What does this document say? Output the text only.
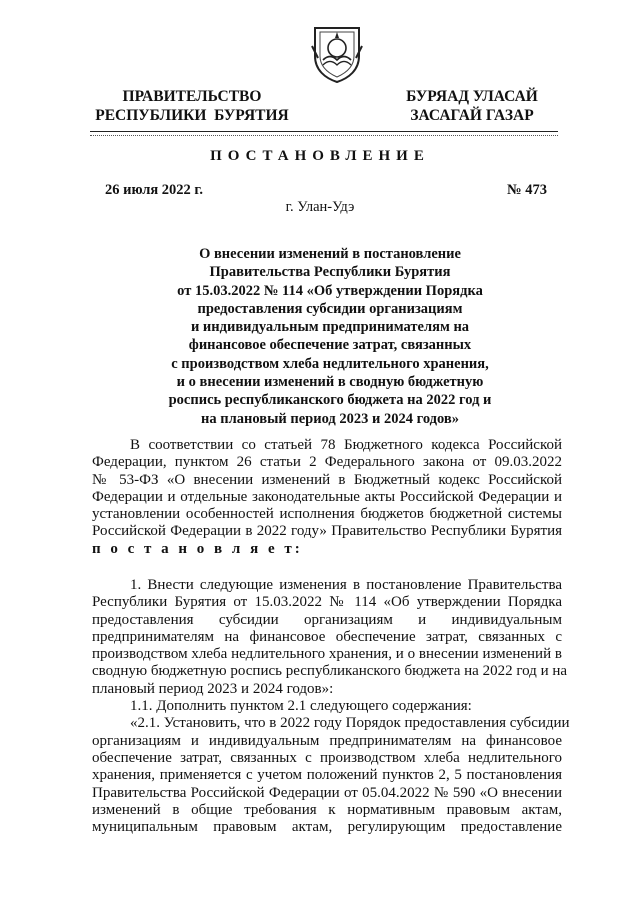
ПРАВИТЕЛЬСТВО
РЕСПУБЛИКИ  БУРЯТИЯ
БУРЯАД УЛАСАЙ
ЗАСАГАЙ ГАЗАР
ПОСТАНОВЛЕНИЕ
26 июля 2022 г.	№ 473
г. Улан-Удэ
О внесении изменений в постановление
Правительства Республики Бурятия
от 15.03.2022 № 114 «Об утверждении Порядка
предоставления субсидии организациям
и индивидуальным предпринимателям на
финансовое обеспечение затрат, связанных
с производством хлеба недлительного хранения,
и о внесении изменений в сводную бюджетную
роспись республиканского бюджета на 2022 год и
на плановый период 2023 и 2024 годов»
В соответствии со статьей 78 Бюджетного кодекса Российской
Федерации, пунктом 26 статьи 2 Федерального закона от 09.03.2022
№ 53-ФЗ «О внесении изменений в Бюджетный кодекс Российской
Федерации и отдельные законодательные акты Российской Федерации и
установлении особенностей исполнения бюджетов бюджетной системы
Российской Федерации в 2022 году» Правительство Республики Бурятия
п о с т а н о в л я е т:
1. Внести следующие изменения в постановление Правительства
Республики Бурятия от 15.03.2022 № 114 «Об утверждении Порядка
предоставления субсидии организациям и индивидуальным
предпринимателям на финансовое обеспечение затрат, связанных с
производством хлеба недлительного хранения, и о внесении изменений в
сводную бюджетную роспись республиканского бюджета на 2022 год и на
плановый период 2023 и 2024 годов»:
1.1. Дополнить пунктом 2.1 следующего содержания:
«2.1. Установить, что в 2022 году Порядок предоставления субсидии
организациям и индивидуальным предпринимателям на финансовое
обеспечение затрат, связанных с производством хлеба недлительного
хранения, применяется с учетом положений пунктов 2, 5 постановления
Правительства Российской Федерации от 05.04.2022 № 590 «О внесении
изменений в общие требования к нормативным правовым актам,
муниципальным правовым актам, регулирующим предоставление
